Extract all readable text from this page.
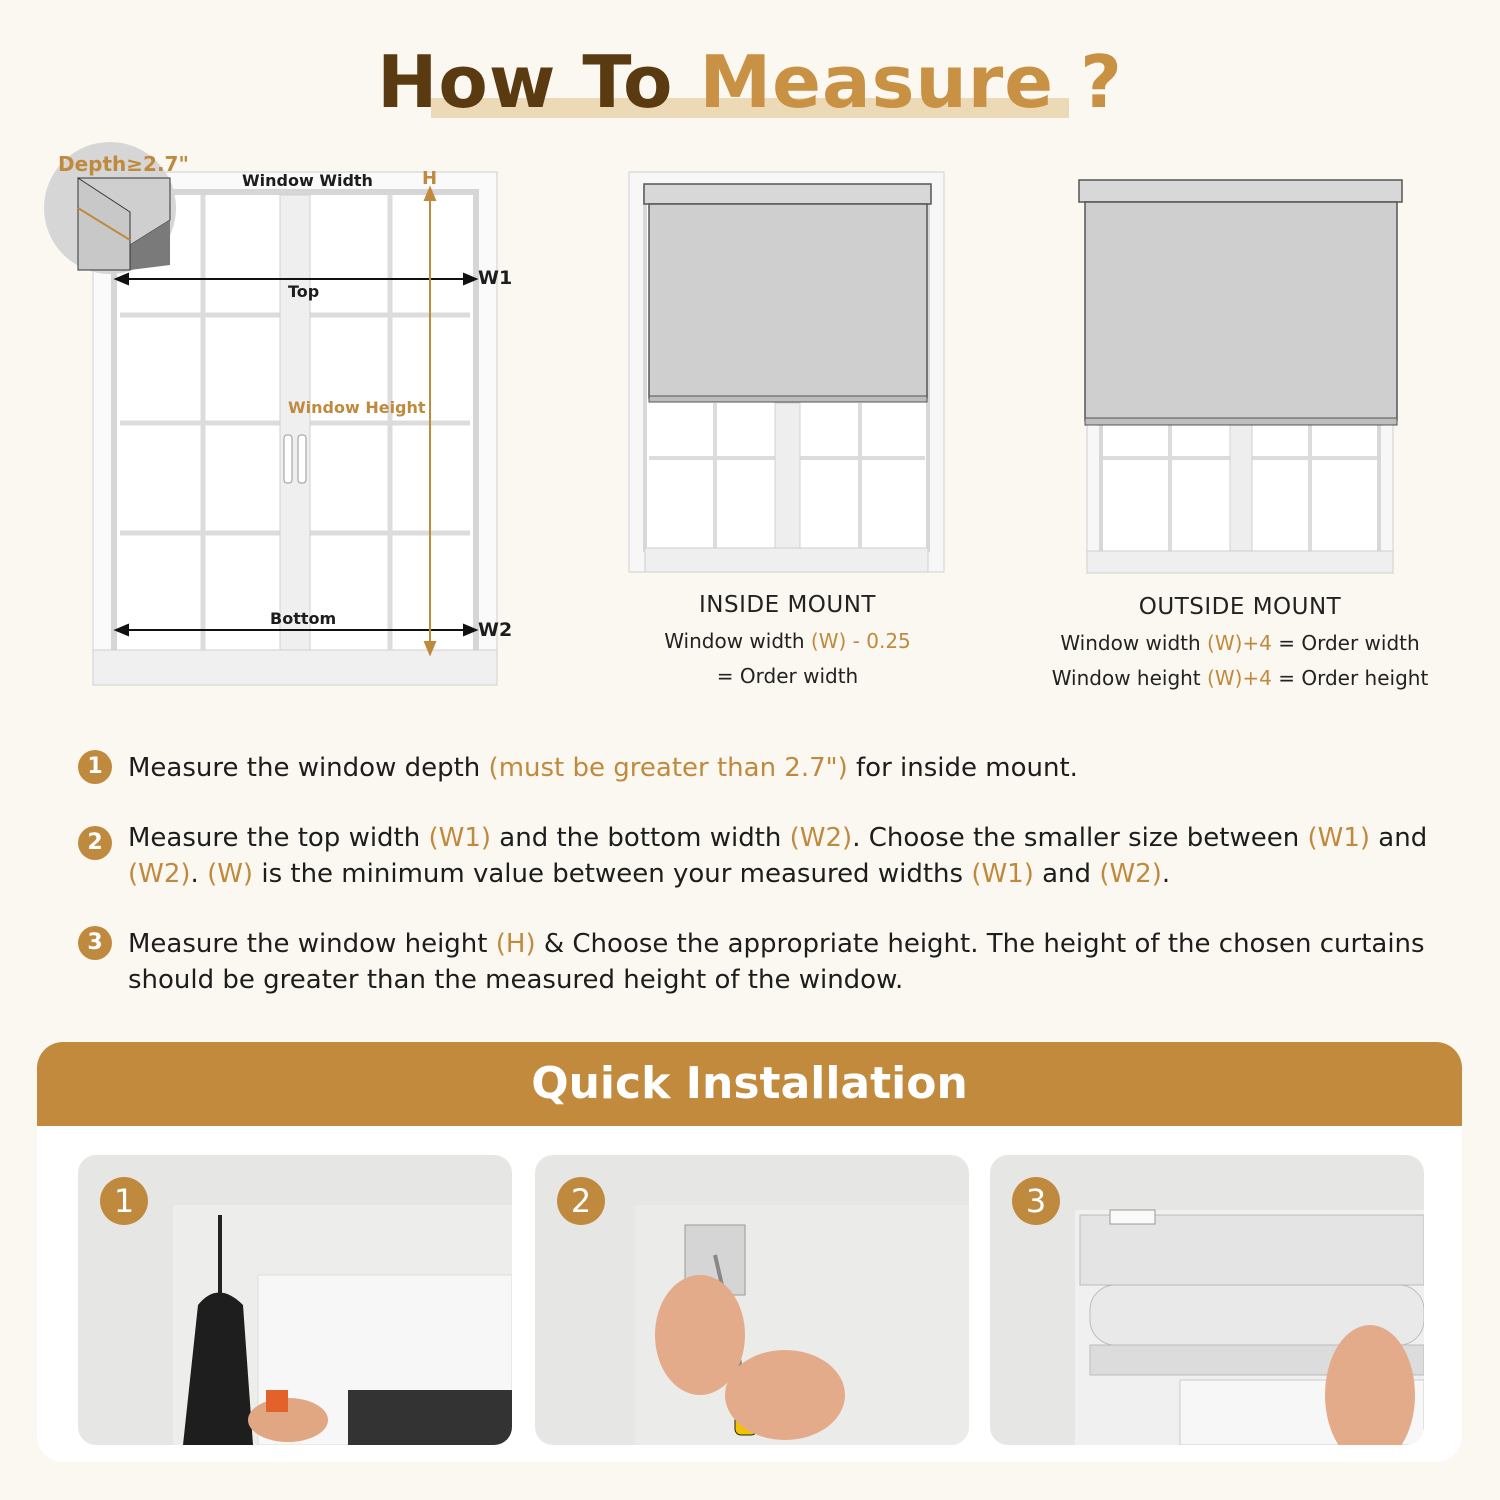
How To Measure ?
Depth≥2.7"
Window Width	H
Top
W1
Window Height
Bottom
W2
INSIDE MOUNT
Window width (W) - 0.25
= Order width
OUTSIDE MOUNT
Window width (W)+4 = Order width
Window height (W)+4 = Order height
1 Measure the window depth (must be greater than 2.7") for inside mount.
2 Measure the top width (W1) and the bottom width (W2). Choose the smaller size between (W1) and (W2). (W) is the minimum value between your measured widths (W1) and (W2).
3 Measure the window height (H) & Choose the appropriate height. The height of the chosen curtains should be greater than the measured height of the window.
Quick Installation
1	2	3
